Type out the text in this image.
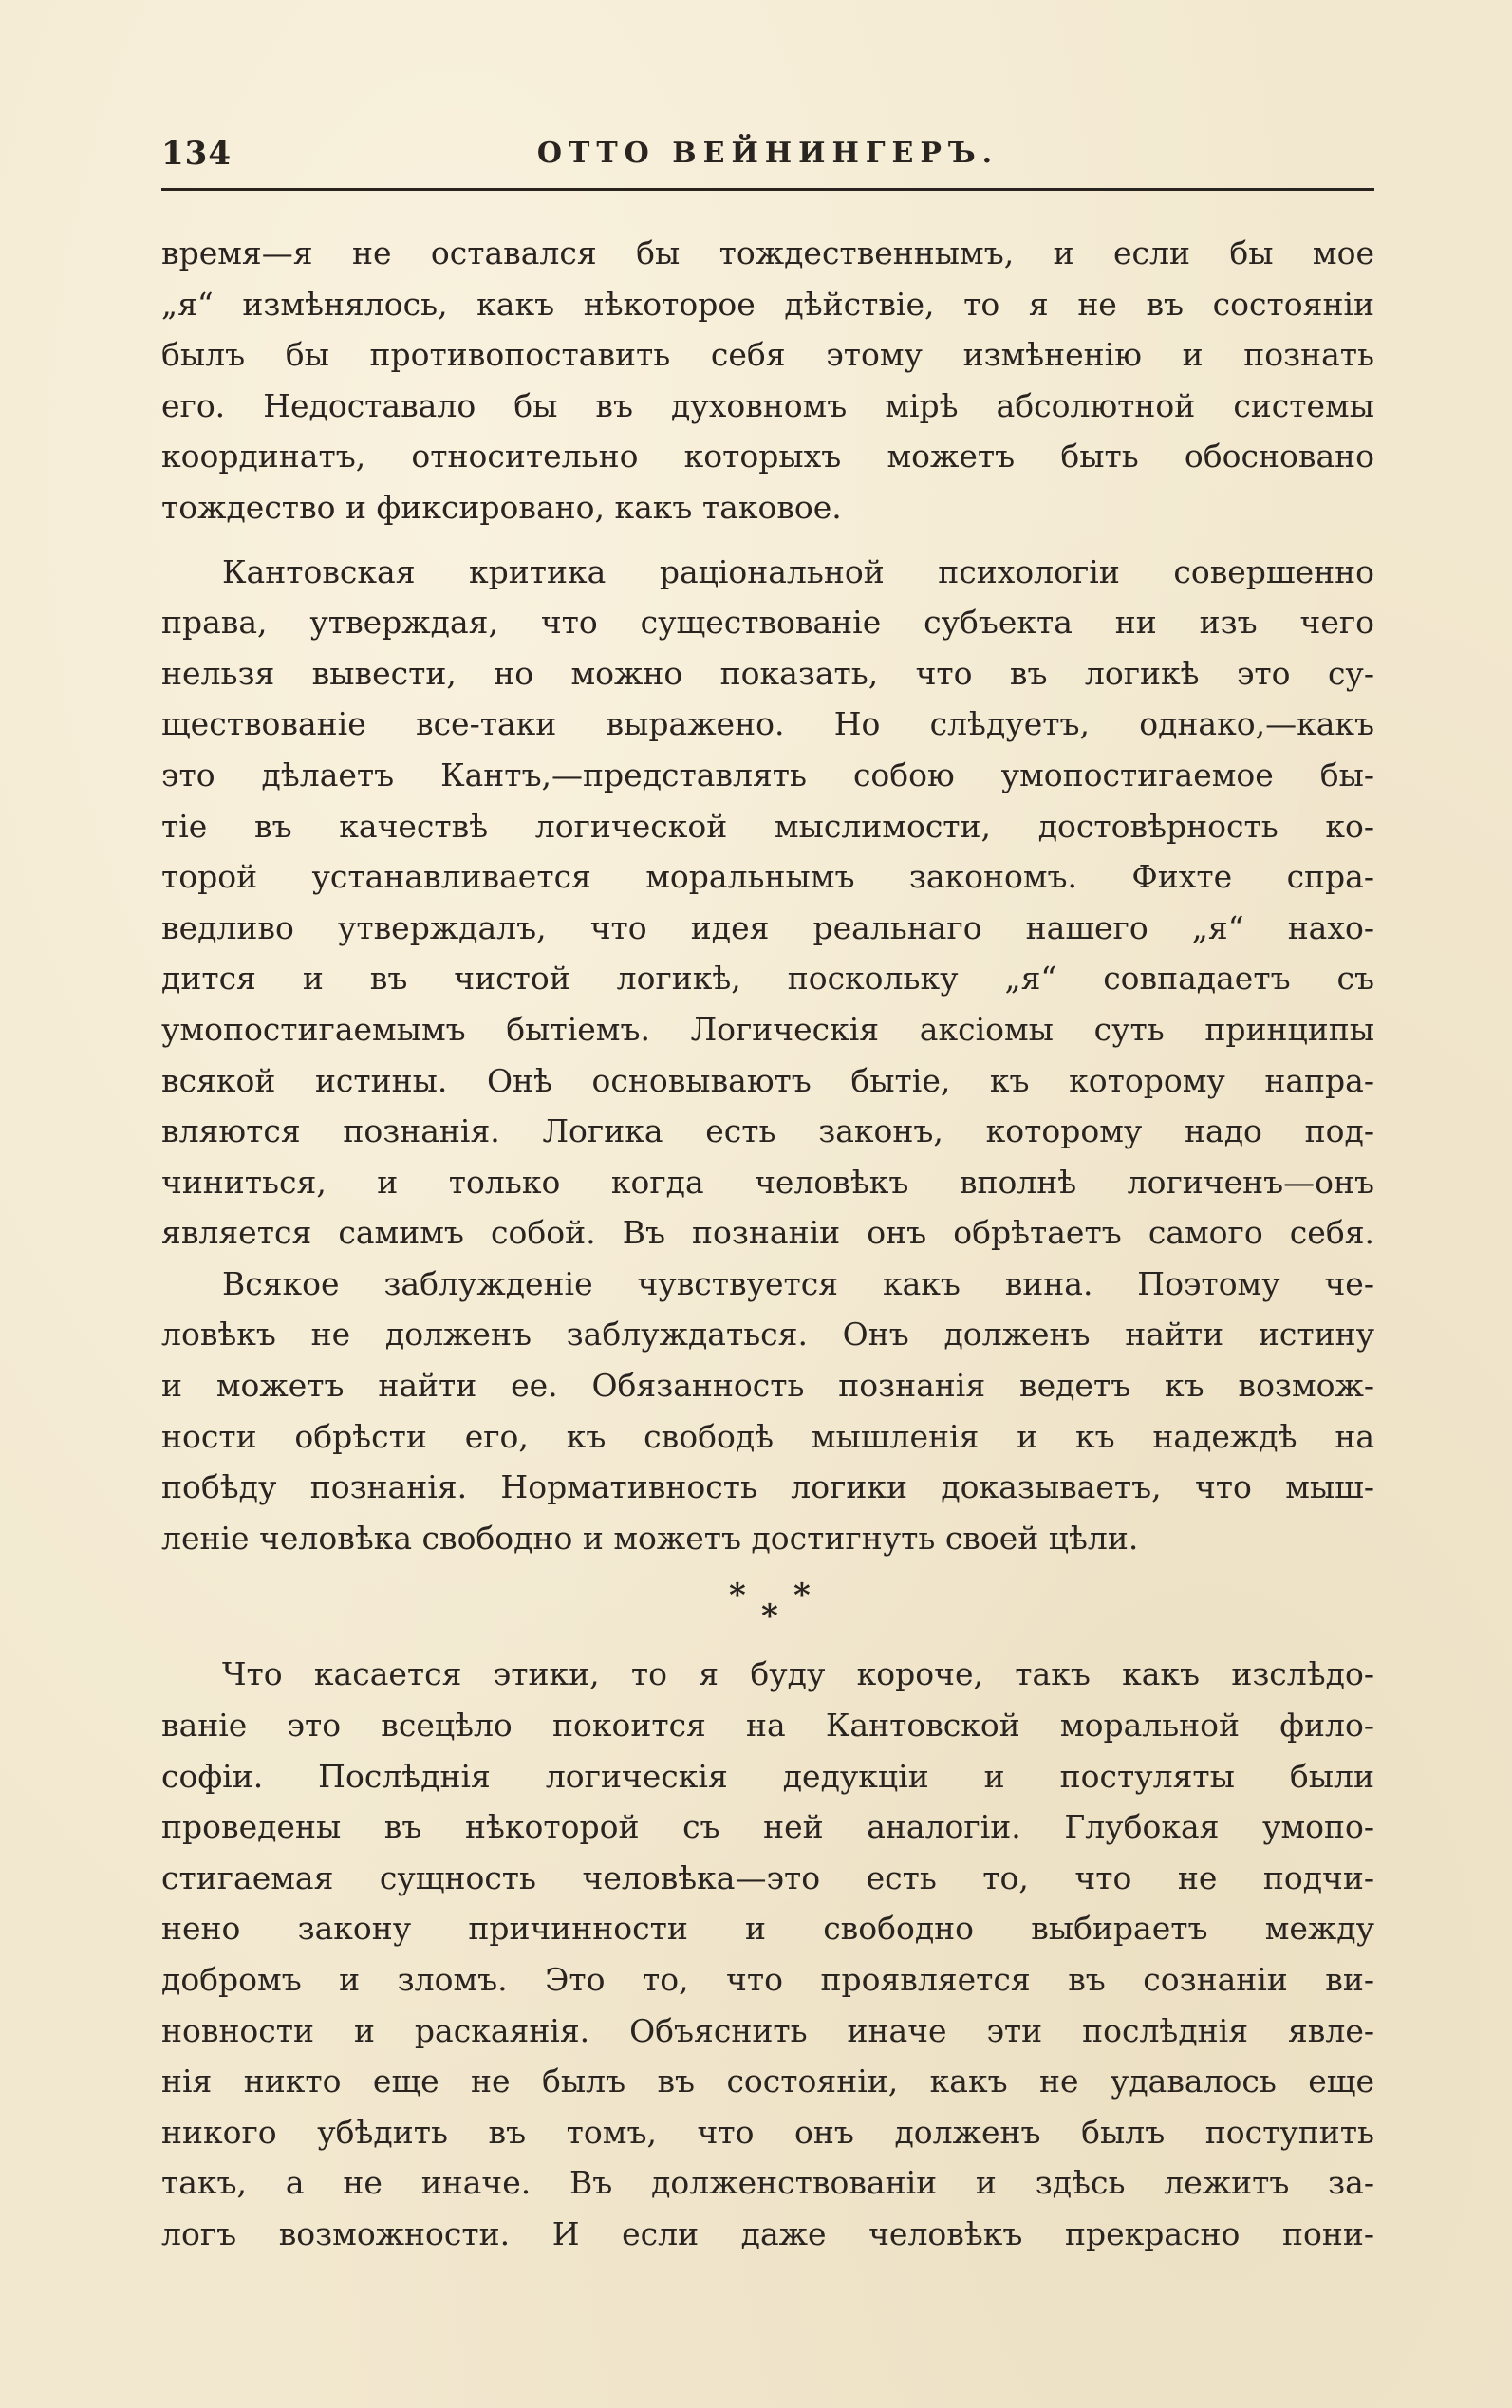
134	ОТТО ВЕЙНИНГЕРЪ.
время—я не оставался бы тождественнымъ, и если бы мое
„я“ измѣнялось, какъ нѣкоторое дѣйствіе, то я не въ состояніи
былъ бы противопоставить себя этому измѣненію и познать
его. Недоставало бы въ духовномъ мірѣ абсолютной системы
координатъ, относительно которыхъ можетъ быть обосновано
тождество и фиксировано, какъ таковое.
Кантовская критика раціональной психологіи совершенно
права, утверждая, что существованіе субъекта ни изъ чего
нельзя вывести, но можно показать, что въ логикѣ это су-
ществованіе все-таки выражено. Но слѣдуетъ, однако,—какъ
это дѣлаетъ Кантъ,—представлять собою умопостигаемое бы-
тіе въ качествѣ логической мыслимости, достовѣрность ко-
торой устанавливается моральнымъ закономъ. Фихте спра-
ведливо утверждалъ, что идея реальнаго нашего „я“ нахо-
дится и въ чистой логикѣ, поскольку „я“ совпадаетъ съ
умопостигаемымъ бытіемъ. Логическія аксіомы суть принципы
всякой истины. Онѣ основываютъ бытіе, къ которому напра-
вляются познанія. Логика есть законъ, которому надо под-
чиниться, и только когда человѣкъ вполнѣ логиченъ—онъ
является самимъ собой. Въ познаніи онъ обрѣтаетъ самого себя.
Всякое заблужденіе чувствуется какъ вина. Поэтому че-
ловѣкъ не долженъ заблуждаться. Онъ долженъ найти истину
и можетъ найти ее. Обязанность познанія ведетъ къ возмож-
ности обрѣсти его, къ свободѣ мышленія и къ надеждѣ на
побѣду познанія. Нормативность логики доказываетъ, что мыш-
леніе человѣка свободно и можетъ достигнуть своей цѣли.
*
*
*
Что касается этики, то я буду короче, такъ какъ изслѣдо-
ваніе это всецѣло покоится на Кантовской моральной фило-
софіи. Послѣднія логическія дедукціи и постуляты были
проведены въ нѣкоторой съ ней аналогіи. Глубокая умопо-
стигаемая сущность человѣка—это есть то, что не подчи-
нено закону причинности и свободно выбираетъ между
добромъ и зломъ. Это то, что проявляется въ сознаніи ви-
новности и раскаянія. Объяснить иначе эти послѣднія явле-
нія никто еще не былъ въ состояніи, какъ не удавалось еще
никого убѣдить въ томъ, что онъ долженъ былъ поступить
такъ, а не иначе. Въ долженствованіи и здѣсь лежитъ за-
логъ возможности. И если даже человѣкъ прекрасно пони-
